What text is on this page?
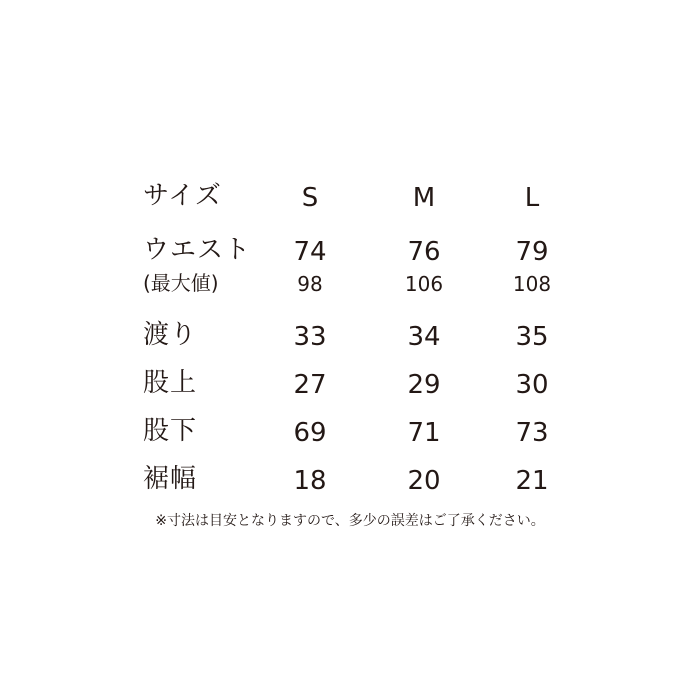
サイズ	S	M	L
ウエスト	74	76	79
(最大値)	98	106	108
渡り	33	34	35
股上	27	29	30
股下	69	71	73
裾幅	18	20	21
※寸法は目安となりますので、多少の誤差はご了承ください。
